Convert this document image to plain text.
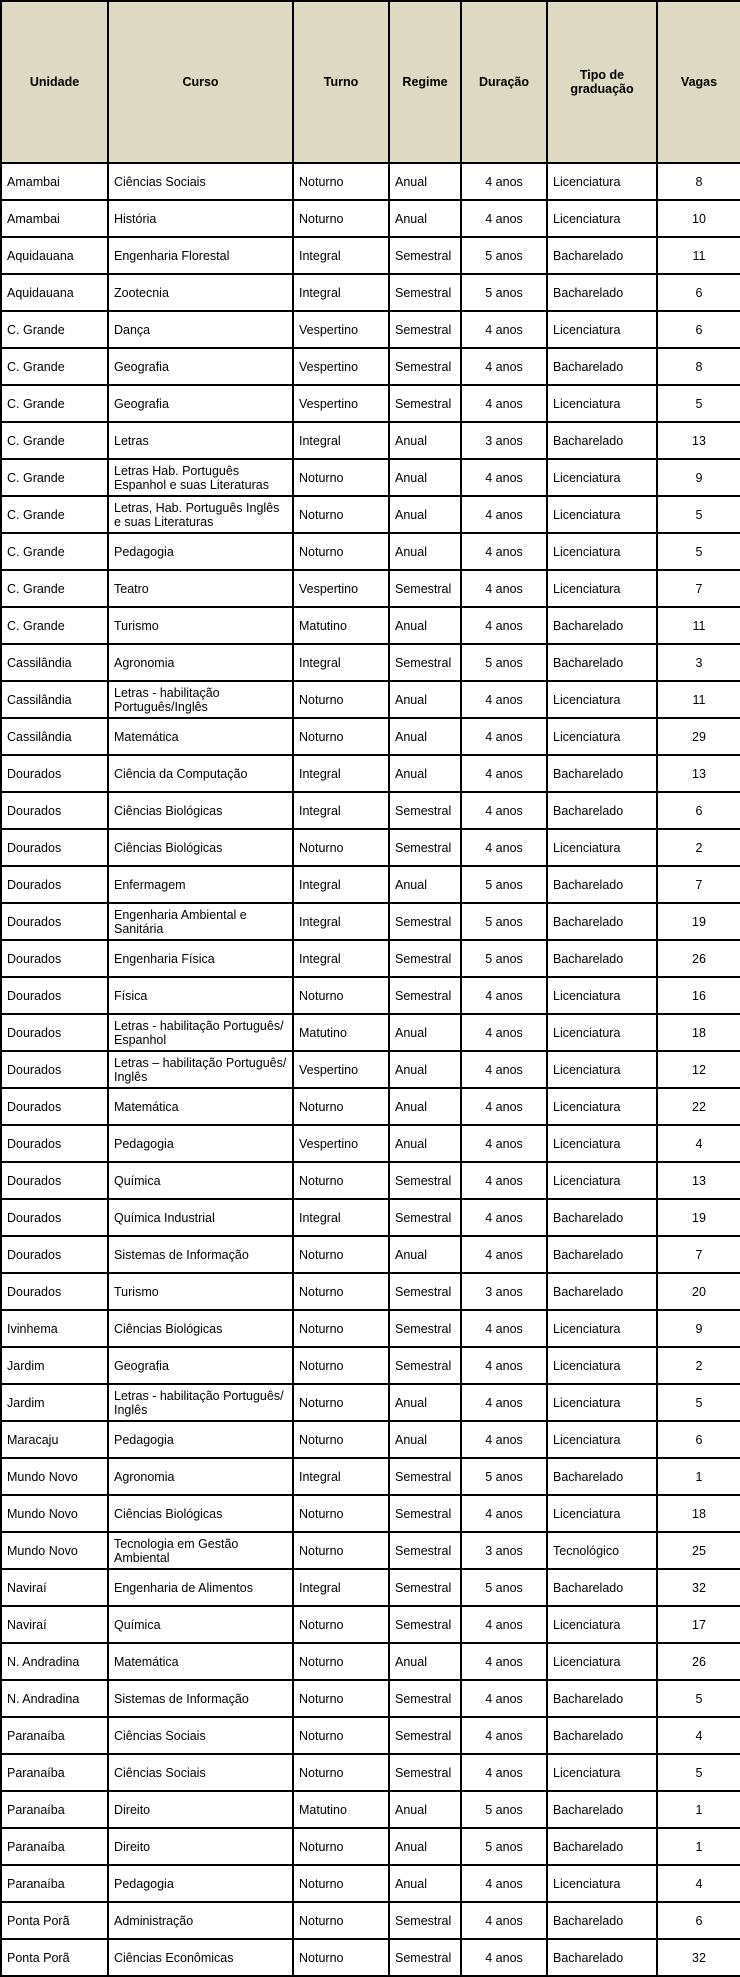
Unidade	Curso	Turno	Regime	Duração	Tipo de graduação	Vagas
Amambai	Ciências Sociais	Noturno	Anual	4 anos	Licenciatura	8
Amambai	História	Noturno	Anual	4 anos	Licenciatura	10
Aquidauana	Engenharia Florestal	Integral	Semestral	5 anos	Bacharelado	11
Aquidauana	Zootecnia	Integral	Semestral	5 anos	Bacharelado	6
C. Grande	Dança	Vespertino	Semestral	4 anos	Licenciatura	6
C. Grande	Geografia	Vespertino	Semestral	4 anos	Bacharelado	8
C. Grande	Geografia	Vespertino	Semestral	4 anos	Licenciatura	5
C. Grande	Letras	Integral	Anual	3 anos	Bacharelado	13
C. Grande	Letras Hab. Português Espanhol e suas Literaturas	Noturno	Anual	4 anos	Licenciatura	9
C. Grande	Letras, Hab. Português Inglês e suas Literaturas	Noturno	Anual	4 anos	Licenciatura	5
C. Grande	Pedagogia	Noturno	Anual	4 anos	Licenciatura	5
C. Grande	Teatro	Vespertino	Semestral	4 anos	Licenciatura	7
C. Grande	Turismo	Matutino	Anual	4 anos	Bacharelado	11
Cassilândia	Agronomia	Integral	Semestral	5 anos	Bacharelado	3
Cassilândia	Letras - habilitação Português/Inglês	Noturno	Anual	4 anos	Licenciatura	11
Cassilândia	Matemática	Noturno	Anual	4 anos	Licenciatura	29
Dourados	Ciência da Computação	Integral	Anual	4 anos	Bacharelado	13
Dourados	Ciências Biológicas	Integral	Semestral	4 anos	Bacharelado	6
Dourados	Ciências Biológicas	Noturno	Semestral	4 anos	Licenciatura	2
Dourados	Enfermagem	Integral	Anual	5 anos	Bacharelado	7
Dourados	Engenharia Ambiental e Sanitária	Integral	Semestral	5 anos	Bacharelado	19
Dourados	Engenharia Física	Integral	Semestral	5 anos	Bacharelado	26
Dourados	Física	Noturno	Semestral	4 anos	Licenciatura	16
Dourados	Letras - habilitação Português/ Espanhol	Matutino	Anual	4 anos	Licenciatura	18
Dourados	Letras – habilitação Português/ Inglês	Vespertino	Anual	4 anos	Licenciatura	12
Dourados	Matemática	Noturno	Anual	4 anos	Licenciatura	22
Dourados	Pedagogia	Vespertino	Anual	4 anos	Licenciatura	4
Dourados	Química	Noturno	Semestral	4 anos	Licenciatura	13
Dourados	Química Industrial	Integral	Semestral	4 anos	Bacharelado	19
Dourados	Sistemas de Informação	Noturno	Anual	4 anos	Bacharelado	7
Dourados	Turismo	Noturno	Semestral	3 anos	Bacharelado	20
Ivinhema	Ciências Biológicas	Noturno	Semestral	4 anos	Licenciatura	9
Jardim	Geografia	Noturno	Semestral	4 anos	Licenciatura	2
Jardim	Letras - habilitação Português/ Inglês	Noturno	Anual	4 anos	Licenciatura	5
Maracaju	Pedagogia	Noturno	Anual	4 anos	Licenciatura	6
Mundo Novo	Agronomia	Integral	Semestral	5 anos	Bacharelado	1
Mundo Novo	Ciências Biológicas	Noturno	Semestral	4 anos	Licenciatura	18
Mundo Novo	Tecnologia em Gestão Ambiental	Noturno	Semestral	3 anos	Tecnológico	25
Naviraí	Engenharia de Alimentos	Integral	Semestral	5 anos	Bacharelado	32
Naviraí	Química	Noturno	Semestral	4 anos	Licenciatura	17
N. Andradina	Matemática	Noturno	Anual	4 anos	Licenciatura	26
N. Andradina	Sistemas de Informação	Noturno	Semestral	4 anos	Bacharelado	5
Paranaíba	Ciências Sociais	Noturno	Semestral	4 anos	Bacharelado	4
Paranaíba	Ciências Sociais	Noturno	Semestral	4 anos	Licenciatura	5
Paranaíba	Direito	Matutino	Anual	5 anos	Bacharelado	1
Paranaíba	Direito	Noturno	Anual	5 anos	Bacharelado	1
Paranaíba	Pedagogia	Noturno	Anual	4 anos	Licenciatura	4
Ponta Porã	Administração	Noturno	Semestral	4 anos	Bacharelado	6
Ponta Porã	Ciências Econômicas	Noturno	Semestral	4 anos	Bacharelado	32
